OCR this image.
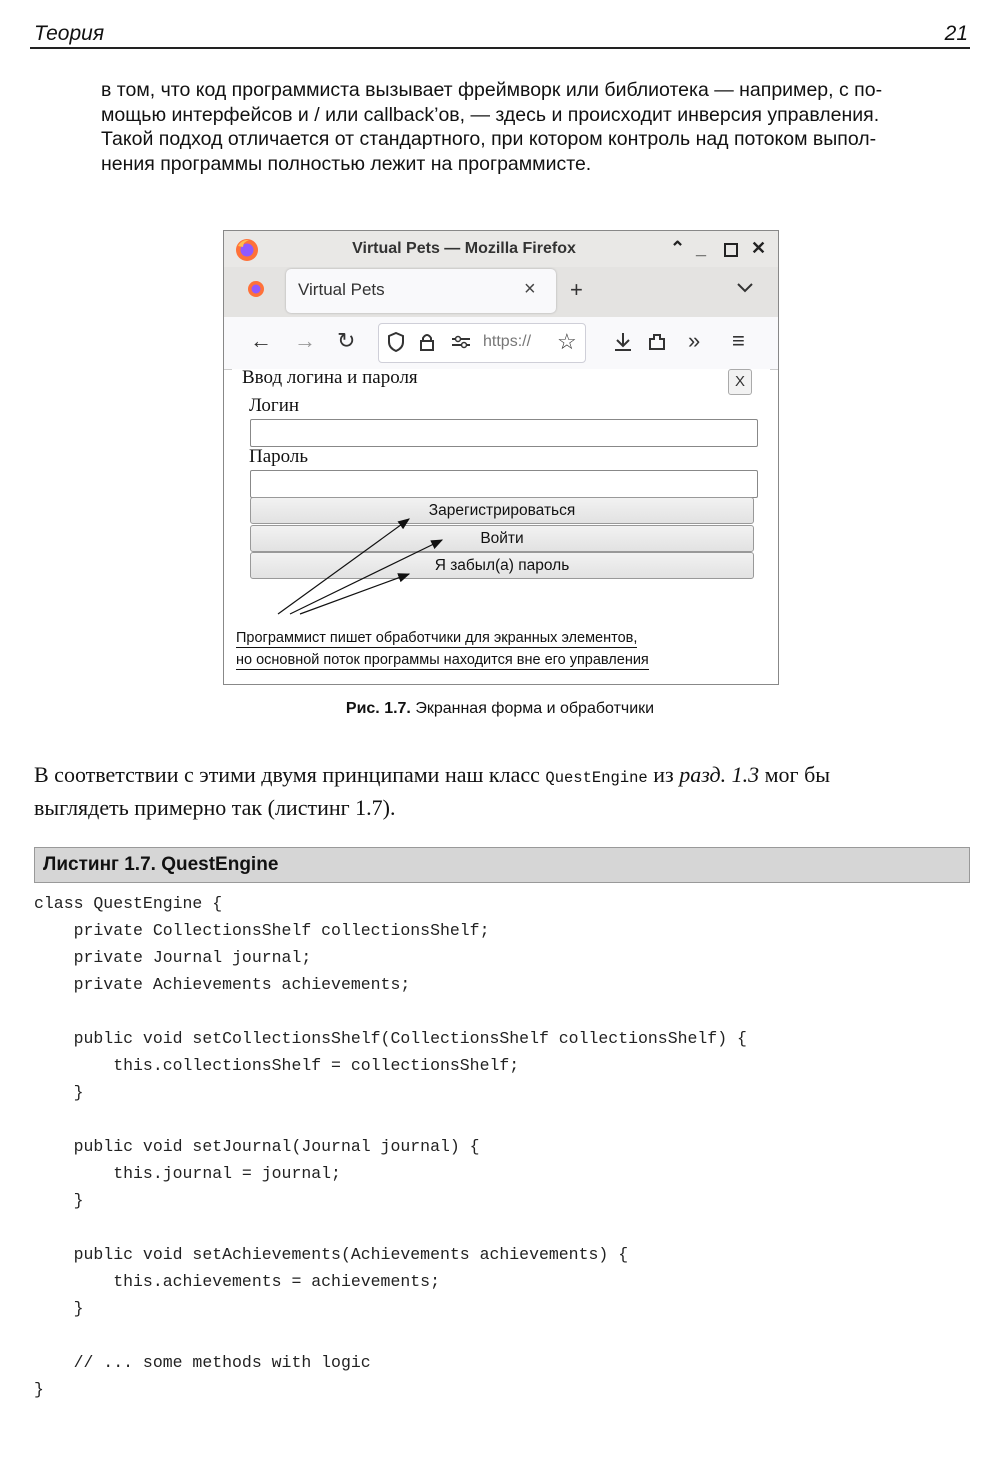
Теория	21
в том, что код программиста вызывает фреймворк или библиотека — например, с по-
мощью интерфейсов и / или callback’ов, — здесь и происходит инверсия управления.
Такой подход отличается от стандартного, при котором контроль над потоком выпол-
нения программы полностью лежит на программисте.
Virtual Pets — Mozilla Firefox	⌃ _ ✕
+
Virtual Pets	×
← → ↻	» ≡
https:// ☆
Ввод логина и пароля	X
Логин
Пароль
Зарегистрироваться
Войти
Я забыл(а) пароль
Программист пишет обработчики для экранных элементов,
но основной поток программы находится вне его управления
Рис. 1.7. Экранная форма и обработчики
В соответствии с этими двумя принципами наш класс QuestEngine из разд. 1.3 мог бы
выглядеть примерно так (листинг 1.7).
Листинг 1.7. QuestEngine
class QuestEngine {
private CollectionsShelf collectionsShelf;
private Journal journal;
private Achievements achievements;
public void setCollectionsShelf(CollectionsShelf collectionsShelf) {
this.collectionsShelf = collectionsShelf;
}
public void setJournal(Journal journal) {
this.journal = journal;
}
public void setAchievements(Achievements achievements) {
this.achievements = achievements;
}
// ... some methods with logic
}
